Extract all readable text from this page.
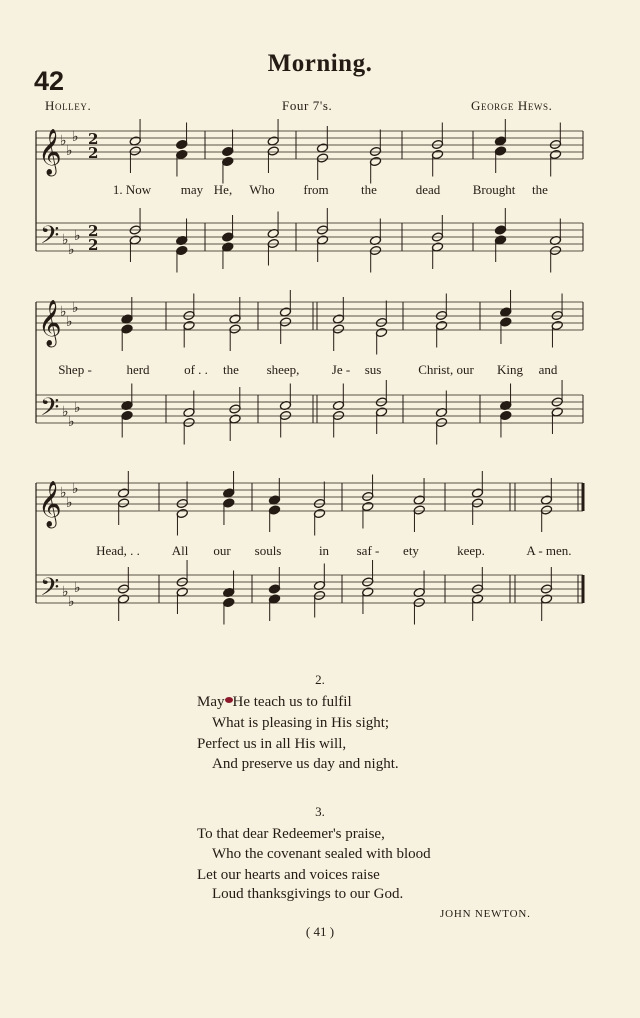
42
Morning.
Holley.	Four 7's.	George Hews.
𝄞
♭
♭
♭
𝄢 ♭
♭
♭
2
2
2
2
𝄞
♭
♭
♭
𝄢 ♭
♭
♭
𝄞
♭
♭
♭
𝄢 ♭
♭
♭
1. Now may He, Who from the	dead Brought the
Shep -	herd	of . . the sheep, Je - sus	Christ, our King and
Head, . . All our souls	in saf - ety	keep.	A - men.
2.
May He teach us to fulfil
What is pleasing in His sight;
Perfect us in all His will,
And preserve us day and night.
3.
To that dear Redeemer's praise,
Who the covenant sealed with blood
Let our hearts and voices raise
Loud thanksgivings to our God.
JOHN NEWTON.
( 41 )
